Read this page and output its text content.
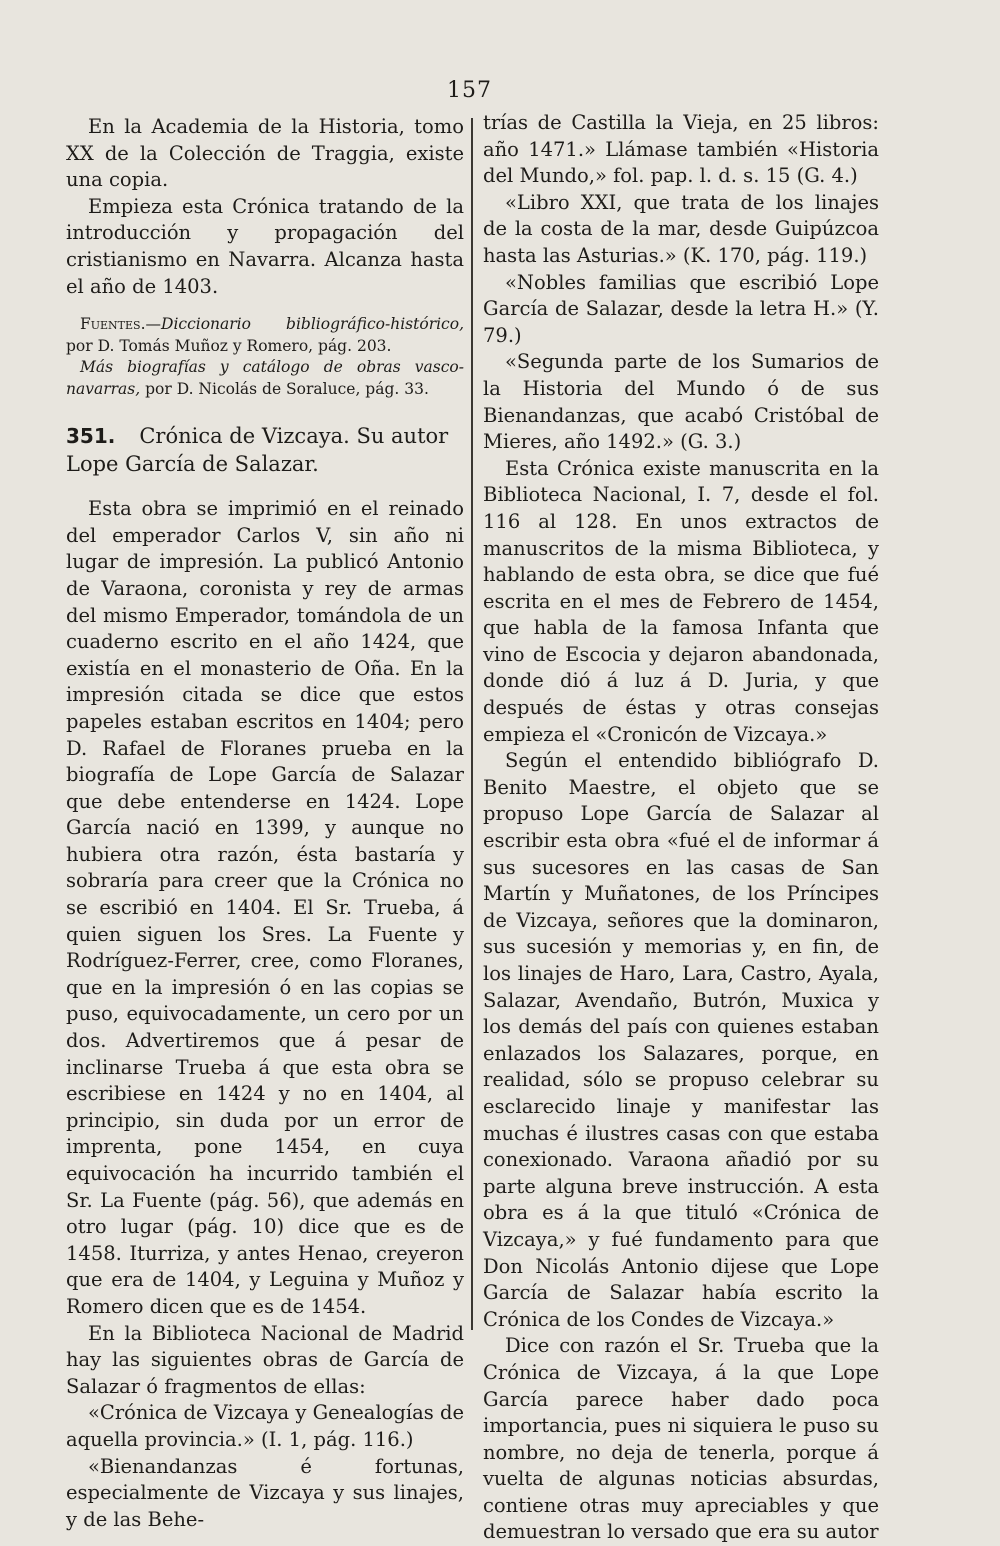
157

En la Academia de la Historia, tomo XX de la Colección de Traggia, existe una copia.

Empieza esta Crónica tratando de la introducción y propagación del cristianismo en Navarra. Alcanza hasta el año de 1403.

Fuentes.—Diccionario bibliográfico-histórico, por D. Tomás Muñoz y Romero, pág. 203.

Más biografías y catálogo de obras vasco-navarras, por D. Nicolás de Soraluce, pág. 33.

351. Crónica de Vizcaya. Su autor Lope García de Salazar.

Esta obra se imprimió en el reinado del emperador Carlos V, sin año ni lugar de impresión. La publicó Antonio de Varaona, coronista y rey de armas del mismo Emperador, tomándola de un cuaderno escrito en el año 1424, que existía en el monasterio de Oña. En la impresión citada se dice que estos papeles estaban escritos en 1404; pero D. Rafael de Floranes prueba en la biografía de Lope García de Salazar que debe entenderse en 1424. Lope García nació en 1399, y aunque no hubiera otra razón, ésta bastaría y sobraría para creer que la Crónica no se escribió en 1404. El Sr. Trueba, á quien siguen los Sres. La Fuente y Rodríguez-Ferrer, cree, como Floranes, que en la impresión ó en las copias se puso, equivocadamente, un cero por un dos. Advertiremos que á pesar de inclinarse Trueba á que esta obra se escribiese en 1424 y no en 1404, al principio, sin duda por un error de imprenta, pone 1454, en cuya equivocación ha incurrido también el Sr. La Fuente (pág. 56), que además en otro lugar (pág. 10) dice que es de 1458. Iturriza, y antes Henao, creyeron que era de 1404, y Leguina y Muñoz y Romero dicen que es de 1454.

En la Biblioteca Nacional de Madrid hay las siguientes obras de García de Salazar ó fragmentos de ellas:

«Crónica de Vizcaya y Genealogías de aquella provincia.» (I. 1, pág. 116.)

«Bienandanzas é fortunas, especialmente de Vizcaya y sus linajes, y de las Behe-

trías de Castilla la Vieja, en 25 libros: año 1471.» Llámase también «Historia del Mundo,» fol. pap. l. d. s. 15 (G. 4.)

«Libro XXI, que trata de los linajes de la costa de la mar, desde Guipúzcoa hasta las Asturias.» (K. 170, pág. 119.)

«Nobles familias que escribió Lope García de Salazar, desde la letra H.» (Y. 79.)

«Segunda parte de los Sumarios de la Historia del Mundo ó de sus Bienandanzas, que acabó Cristóbal de Mieres, año 1492.» (G. 3.)

Esta Crónica existe manuscrita en la Biblioteca Nacional, I. 7, desde el fol. 116 al 128. En unos extractos de manuscritos de la misma Biblioteca, y hablando de esta obra, se dice que fué escrita en el mes de Febrero de 1454, que habla de la famosa Infanta que vino de Escocia y dejaron abandonada, donde dió á luz á D. Juria, y que después de éstas y otras consejas empieza el «Cronicón de Vizcaya.»

Según el entendido bibliógrafo D. Benito Maestre, el objeto que se propuso Lope García de Salazar al escribir esta obra «fué el de informar á sus sucesores en las casas de San Martín y Muñatones, de los Príncipes de Vizcaya, señores que la dominaron, sus sucesión y memorias y, en fin, de los linajes de Haro, Lara, Castro, Ayala, Salazar, Avendaño, Butrón, Muxica y los demás del país con quienes estaban enlazados los Salazares, porque, en realidad, sólo se propuso celebrar su esclarecido linaje y manifestar las muchas é ilustres casas con que estaba conexionado. Varaona añadió por su parte alguna breve instrucción. A esta obra es á la que tituló «Crónica de Vizcaya,» y fué fundamento para que Don Nicolás Antonio dijese que Lope García de Salazar había escrito la Crónica de los Condes de Vizcaya.»

Dice con razón el Sr. Trueba que la Crónica de Vizcaya, á la que Lope García parece haber dado poca importancia, pues ni siquiera le puso su nombre, no deja de tenerla, porque á vuelta de algunas noticias absurdas, contiene otras muy apreciables y que demuestran lo versado que era su autor
